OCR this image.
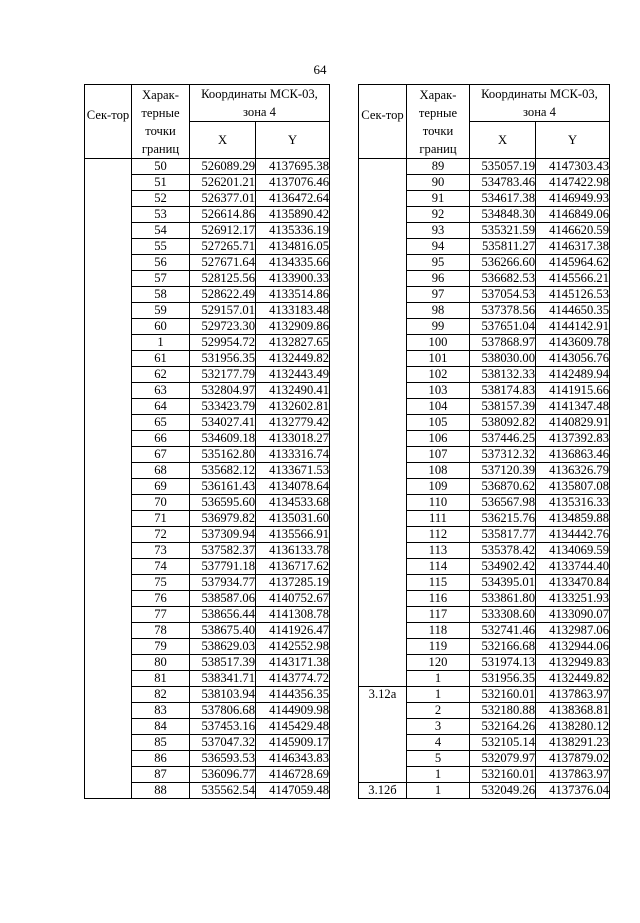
64
Сек-тор	Харак-терные точки границ	Координаты МСК-03, зона 4	
		X	Y
	50	526089.29	4137695.38
	51	526201.21	4137076.46
	52	526377.01	4136472.64
	53	526614.86	4135890.42
	54	526912.17	4135336.19
	55	527265.71	4134816.05
	56	527671.64	4134335.66
	57	528125.56	4133900.33
	58	528622.49	4133514.86
	59	529157.01	4133183.48
	60	529723.30	4132909.86
	1	529954.72	4132827.65
	61	531956.35	4132449.82
	62	532177.79	4132443.49
	63	532804.97	4132490.41
	64	533423.79	4132602.81
	65	534027.41	4132779.42
	66	534609.18	4133018.27
	67	535162.80	4133316.74
	68	535682.12	4133671.53
	69	536161.43	4134078.64
	70	536595.60	4134533.68
	71	536979.82	4135031.60
	72	537309.94	4135566.91
	73	537582.37	4136133.78
	74	537791.18	4136717.62
	75	537934.77	4137285.19
	76	538587.06	4140752.67
	77	538656.44	4141308.78
	78	538675.40	4141926.47
	79	538629.03	4142552.98
	80	538517.39	4143171.38
	81	538341.71	4143774.72
	82	538103.94	4144356.35
	83	537806.68	4144909.98
	84	537453.16	4145429.48
	85	537047.32	4145909.17
	86	536593.53	4146343.83
	87	536096.77	4146728.69
	88	535562.54	4147059.48
Сек-тор	Харак-терные точки границ	Координаты МСК-03, зона 4	
		X	Y
	89	535057.19	4147303.43
	90	534783.46	4147422.98
	91	534617.38	4146949.93
	92	534848.30	4146849.06
	93	535321.59	4146620.59
	94	535811.27	4146317.38
	95	536266.60	4145964.62
	96	536682.53	4145566.21
	97	537054.53	4145126.53
	98	537378.56	4144650.35
	99	537651.04	4144142.91
	100	537868.97	4143609.78
	101	538030.00	4143056.76
	102	538132.33	4142489.94
	103	538174.83	4141915.66
	104	538157.39	4141347.48
	105	538092.82	4140829.91
	106	537446.25	4137392.83
	107	537312.32	4136863.46
	108	537120.39	4136326.79
	109	536870.62	4135807.08
	110	536567.98	4135316.33
	111	536215.76	4134859.88
	112	535817.77	4134442.76
	113	535378.42	4134069.59
	114	534902.42	4133744.40
	115	534395.01	4133470.84
	116	533861.80	4133251.93
	117	533308.60	4133090.07
	118	532741.46	4132987.06
	119	532166.68	4132944.06
	120	531974.13	4132949.83
	1	531956.35	4132449.82
3.12а	1	532160.01	4137863.97
	2	532180.88	4138368.81
	3	532164.26	4138280.12
	4	532105.14	4138291.23
	5	532079.97	4137879.02
	1	532160.01	4137863.97
3.12б	1	532049.26	4137376.04
